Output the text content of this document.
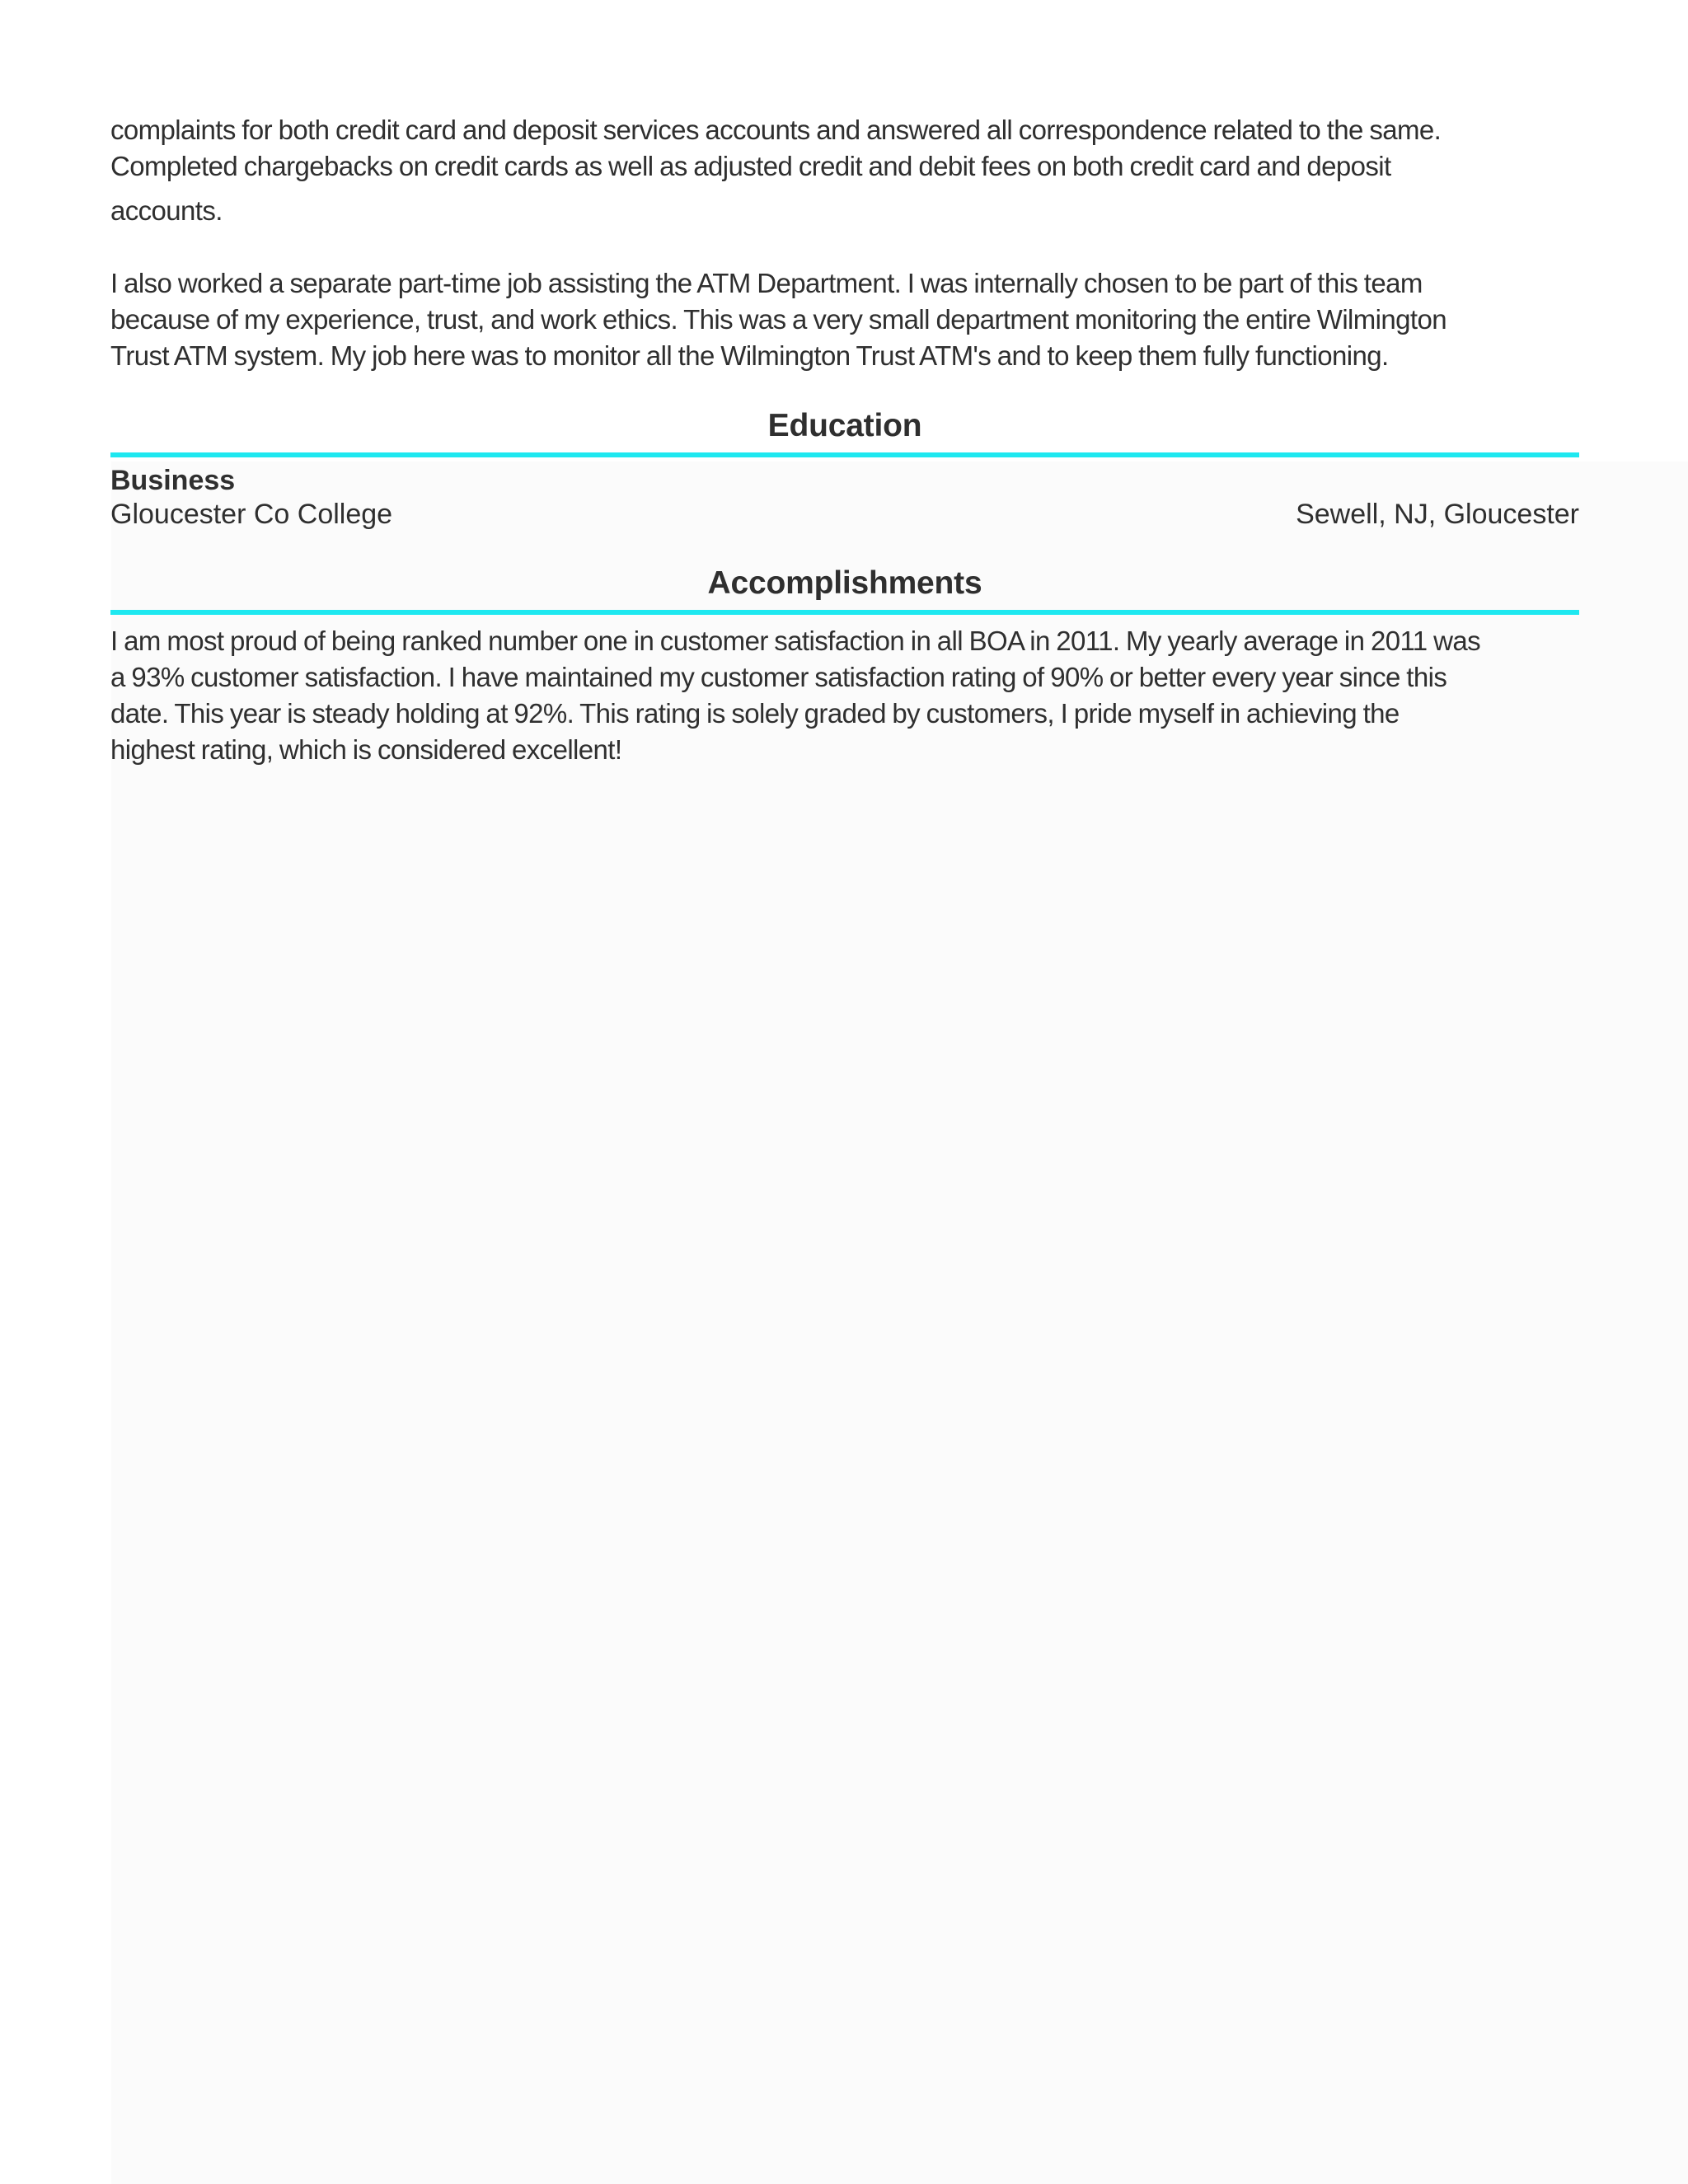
complaints for both credit card and deposit services accounts and answered all correspondence related to the same.
Completed chargebacks on credit cards as well as adjusted credit and debit fees on both credit card and deposit
accounts.

I also worked a separate part-time job assisting the ATM Department. I was internally chosen to be part of this team
because of my experience, trust, and work ethics. This was a very small department monitoring the entire Wilmington
Trust ATM system. My job here was to monitor all the Wilmington Trust ATM's and to keep them fully functioning.

Education
Business
Gloucester Co College	Sewell, NJ, Gloucester
Accomplishments

I am most proud of being ranked number one in customer satisfaction in all BOA in 2011. My yearly average in 2011 was
a 93% customer satisfaction. I have maintained my customer satisfaction rating of 90% or better every year since this
date. This year is steady holding at 92%. This rating is solely graded by customers, I pride myself in achieving the
highest rating, which is considered excellent!
